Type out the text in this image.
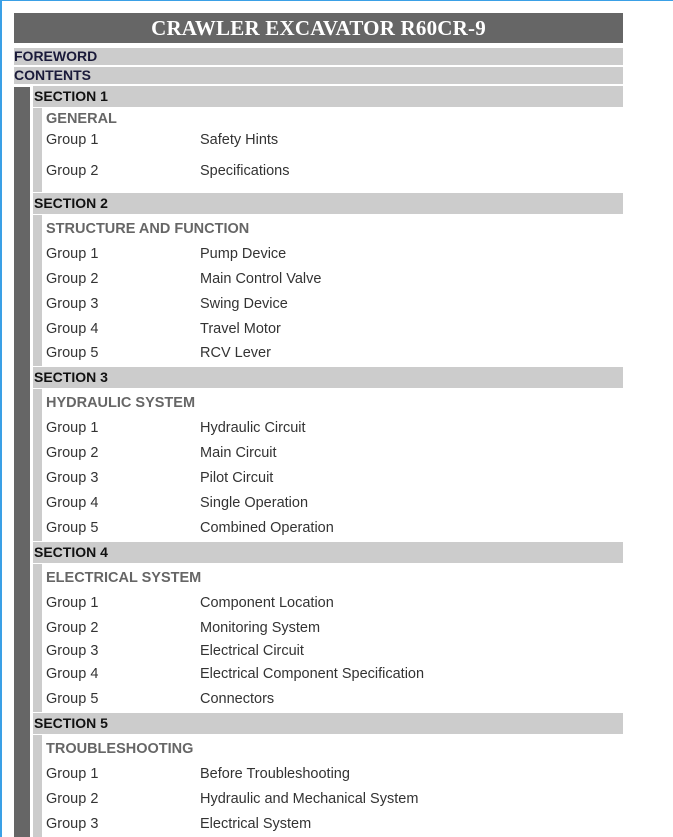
CRAWLER EXCAVATOR R60CR-9
FOREWORD
CONTENTS
SECTION 1
GENERAL
Group 1	Safety Hints
Group 2	Specifications
SECTION 2
STRUCTURE AND FUNCTION
Group 1	Pump Device
Group 2	Main Control Valve
Group 3	Swing Device
Group 4	Travel Motor
Group 5	RCV Lever
SECTION 3
HYDRAULIC SYSTEM
Group 1	Hydraulic Circuit
Group 2	Main Circuit
Group 3	Pilot Circuit
Group 4	Single Operation
Group 5	Combined Operation
SECTION 4
ELECTRICAL SYSTEM
Group 1	Component Location
Group 2	Monitoring System
Group 3	Electrical Circuit
Group 4	Electrical Component Specification
Group 5	Connectors
SECTION 5
TROUBLESHOOTING
Group 1	Before Troubleshooting
Group 2	Hydraulic and Mechanical System
Group 3	Electrical System
